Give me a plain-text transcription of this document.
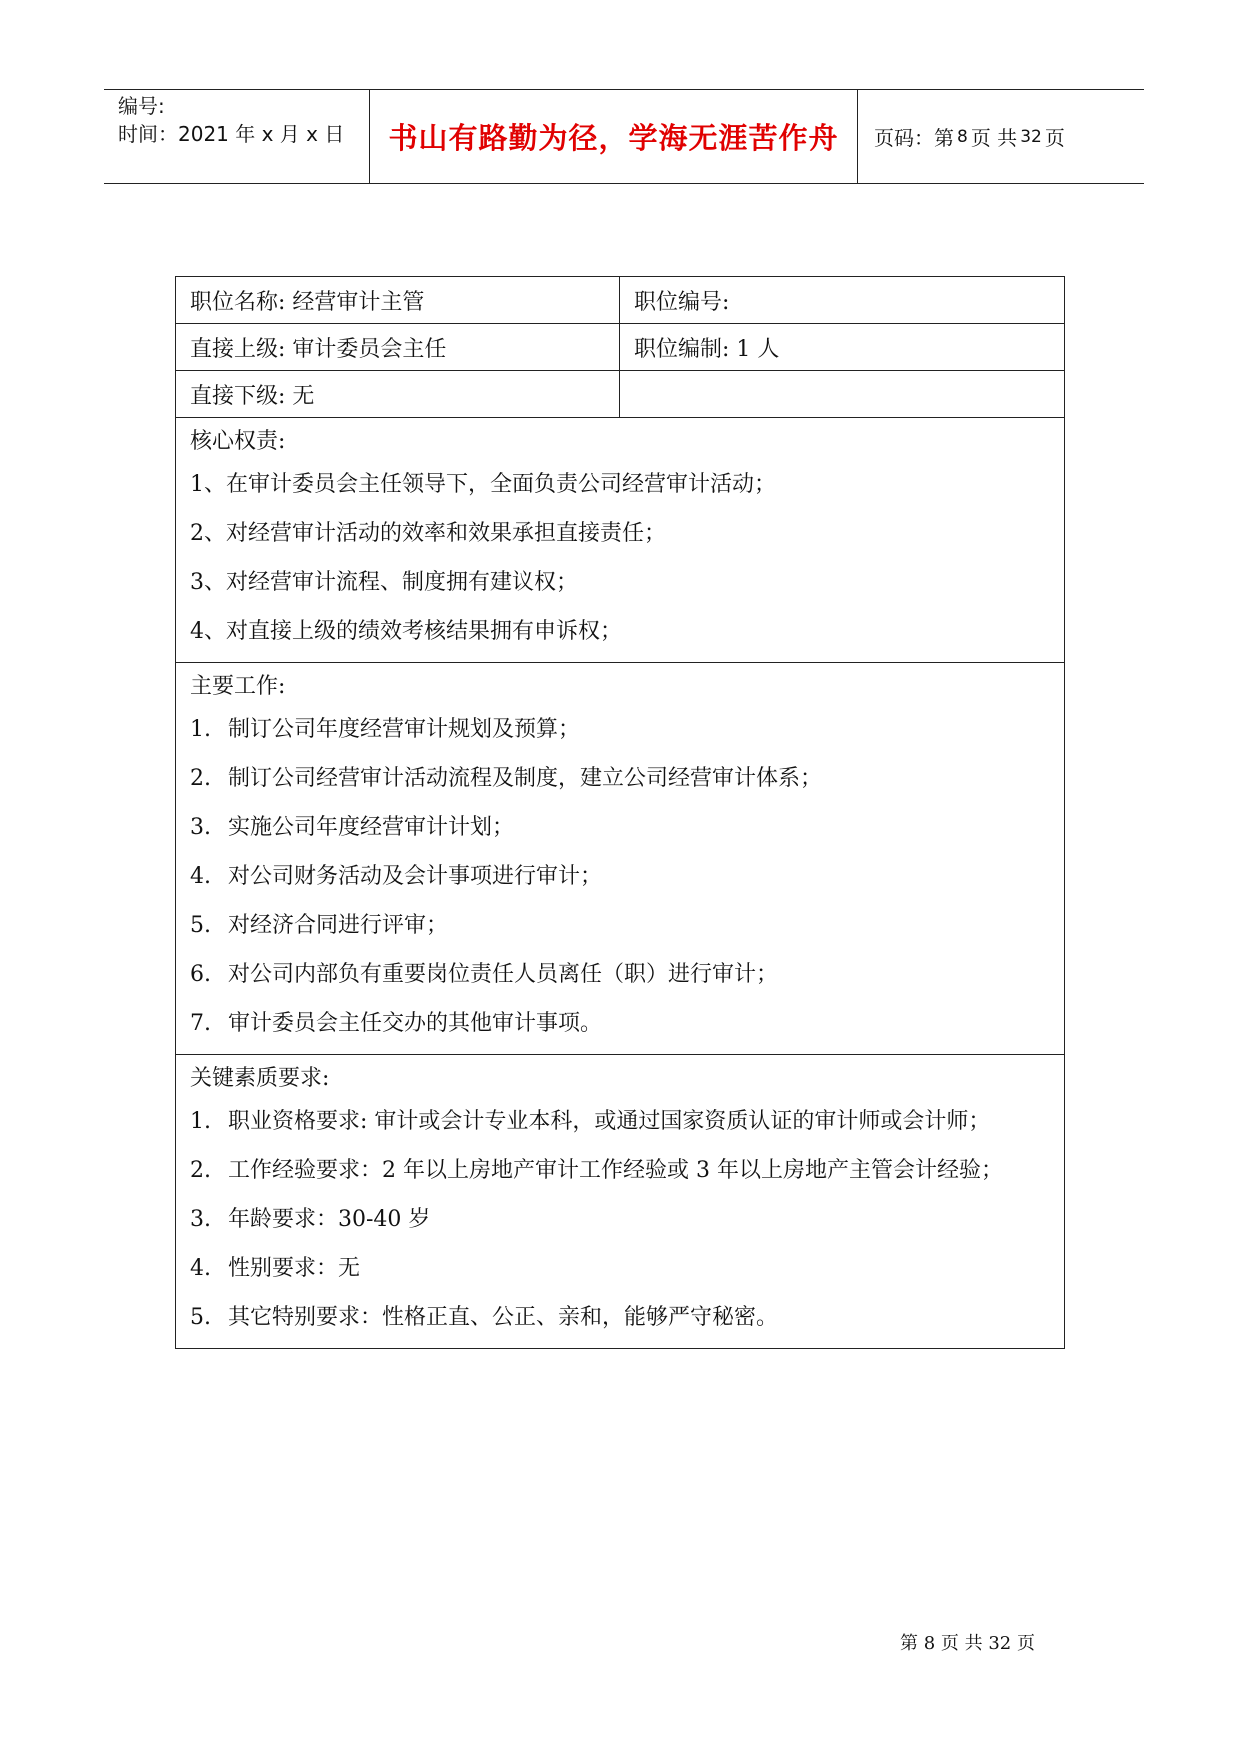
编号:
时间：2021 年 x 月 x 日	书山有路勤为径，学海无涯苦作舟	页码：第 8 页 共 32 页
职位名称: 经营审计主管	职位编号:
直接上级: 审计委员会主任	职位编制: 1 人
直接下级: 无
核心权责:
1、在审计委员会主任领导下，全面负责公司经营审计活动；
2、对经营审计活动的效率和效果承担直接责任；
3、对经营审计流程、制度拥有建议权；
4、对直接上级的绩效考核结果拥有申诉权；
主要工作:
1. 制订公司年度经营审计规划及预算；
2. 制订公司经营审计活动流程及制度，建立公司经营审计体系；
3. 实施公司年度经营审计计划；
4. 对公司财务活动及会计事项进行审计；
5. 对经济合同进行评审；
6. 对公司内部负有重要岗位责任人员离任（职）进行审计；
7. 审计委员会主任交办的其他审计事项。
关键素质要求:
1. 职业资格要求: 审计或会计专业本科，或通过国家资质认证的审计师或会计师；
2. 工作经验要求：2 年以上房地产审计工作经验或 3 年以上房地产主管会计经验；
3. 年龄要求：30-40 岁
4. 性别要求：无
5. 其它特别要求：性格正直、公正、亲和，能够严守秘密。
第 8 页 共 32 页
